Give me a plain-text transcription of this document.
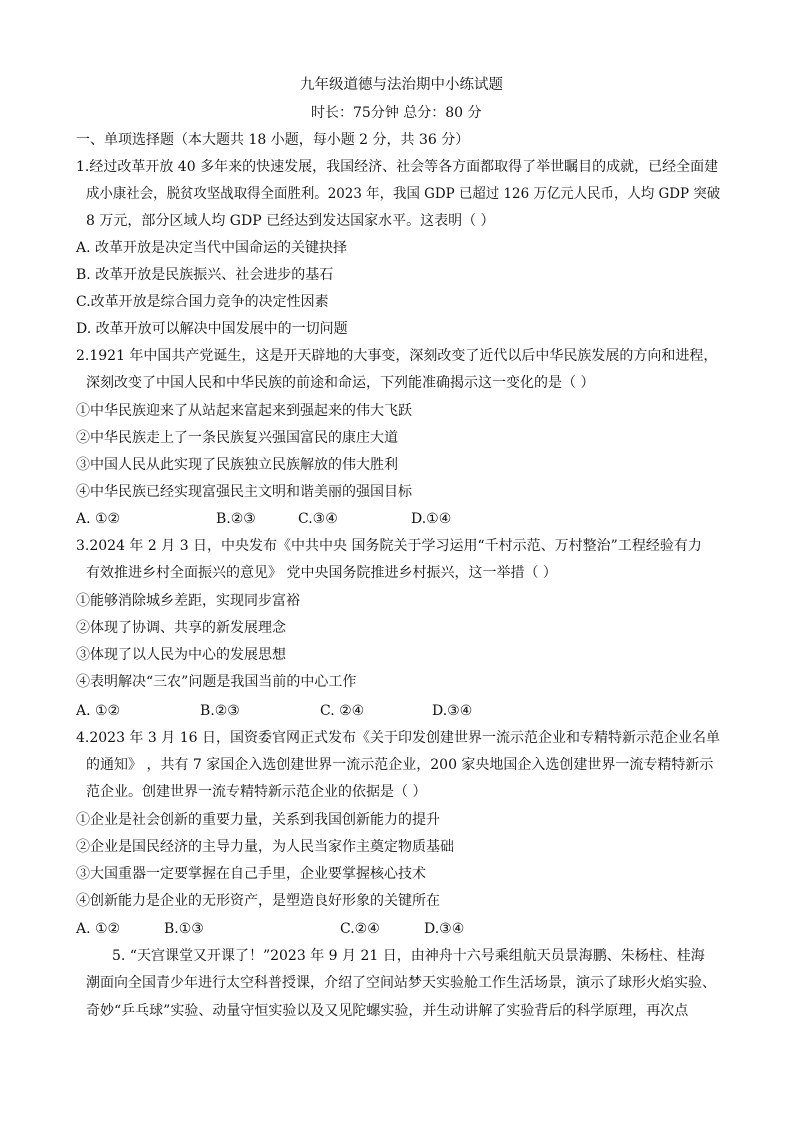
九年级道德与法治期中小练试题
时长：75分钟 总分：80 分
一、单项选择题（本大题共 18 小题，每小题 2 分，共 36 分）
1.经过改革开放 40 多年来的快速发展，我国经济、社会等各方面都取得了举世瞩目的成就，已经全面建
成小康社会，脱贫攻坚战取得全面胜利。2023 年，我国 GDP 已超过 126 万亿元人民币，人均 GDP 突破
8 万元，部分区域人均 GDP 已经达到发达国家水平。这表明（ ）
A. 改革开放是决定当代中国命运的关键抉择
B. 改革开放是民族振兴、社会进步的基石
C.改革开放是综合国力竞争的决定性因素
D. 改革开放可以解决中国发展中的一切问题
2.1921 年中国共产党诞生，这是开天辟地的大事变，深刻改变了近代以后中华民族发展的方向和进程，
深刻改变了中国人民和中华民族的前途和命运，下列能准确揭示这一变化的是（ ）
①中华民族迎来了从站起来富起来到强起来的伟大飞跃
②中华民族走上了一条民族复兴强国富民的康庄大道
③中国人民从此实现了民族独立民族解放的伟大胜利
④中华民族已经实现富强民主文明和谐美丽的强国目标
A. ①②	B.②③	C.③④	D.①④
3.2024 年 2 月 3 日，中央发布《中共中央 国务院关于学习运用“千村示范、万村整治”工程经验有力
有效推进乡村全面振兴的意见》 党中央国务院推进乡村振兴，这一举措（ ）
①能够消除城乡差距，实现同步富裕
②体现了协调、共享的新发展理念
③体现了以人民为中心的发展思想
④表明解决“三农”问题是我国当前的中心工作
A. ①②	B.②③	C. ②④	D.③④
4.2023 年 3 月 16 日，国资委官网正式发布《关于印发创建世界一流示范企业和专精特新示范企业名单
的通知》 ，共有 7 家国企入选创建世界一流示范企业，200 家央地国企入选创建世界一流专精特新示
范企业。创建世界一流专精特新示范企业的依据是（ ）
①企业是社会创新的重要力量，关系到我国创新能力的提升
②企业是国民经济的主导力量，为人民当家作主奠定物质基础
③大国重器一定要掌握在自己手里，企业要掌握核心技术
④创新能力是企业的无形资产，是塑造良好形象的关键所在
A. ①②	B.①③	C.②④	D.③④
5. “天宫课堂又开课了！”2023 年 9 月 21 日，由神舟十六号乘组航天员景海鹏、朱杨柱、桂海
潮面向全国青少年进行太空科普授课，介绍了空间站梦天实验舱工作生活场景，演示了球形火焰实验、
奇妙“乒乓球”实验、动量守恒实验以及又见陀螺实验，并生动讲解了实验背后的科学原理，再次点
